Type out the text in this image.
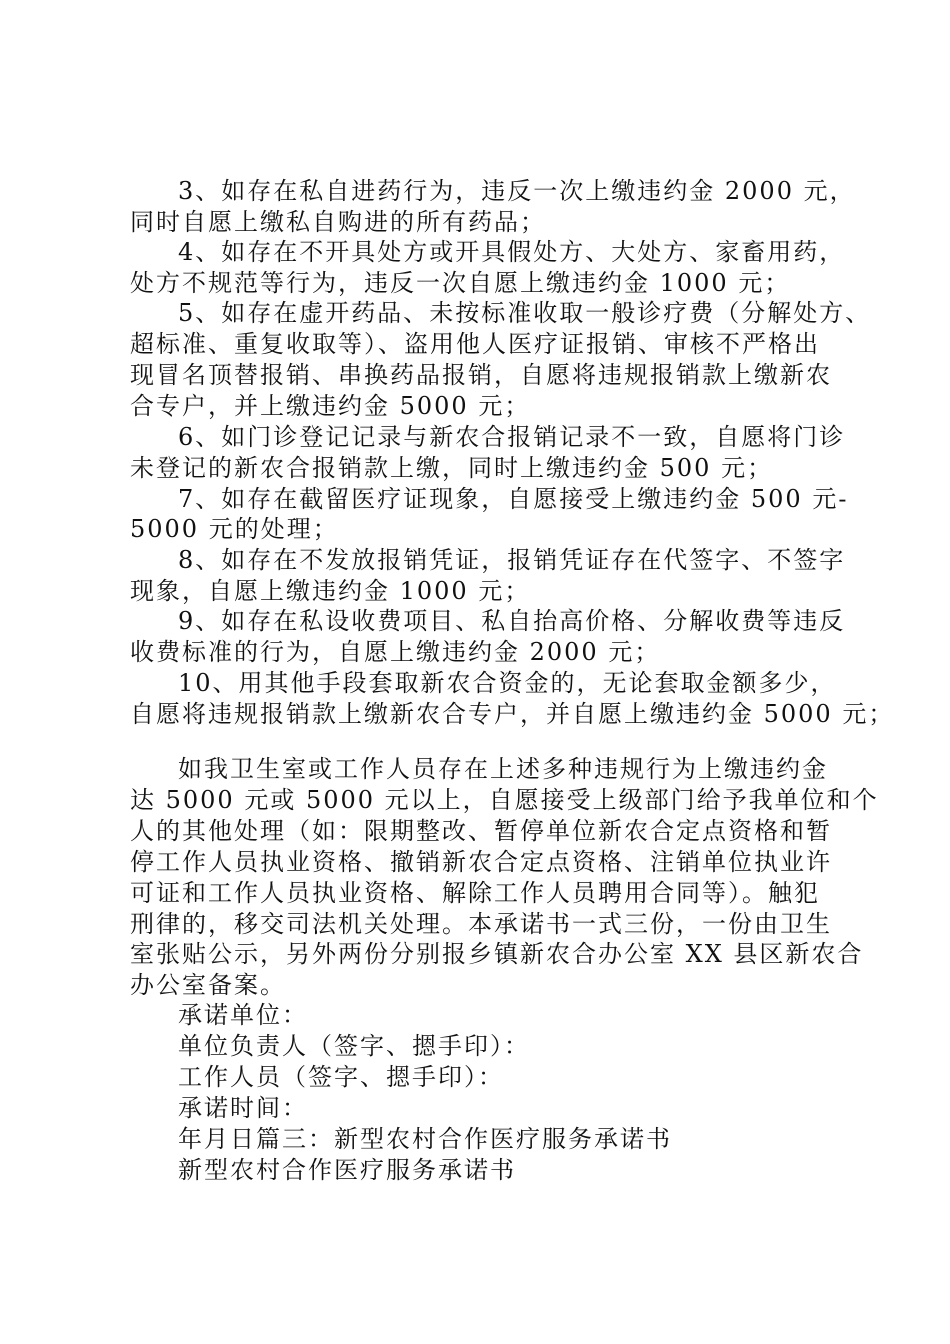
3、如存在私自进药行为，违反一次上缴违约金 2000 元，
同时自愿上缴私自购进的所有药品；
4、如存在不开具处方或开具假处方、大处方、家畜用药，
处方不规范等行为，违反一次自愿上缴违约金 1000 元；
5、如存在虚开药品、未按标准收取一般诊疗费（分解处方、
超标准、重复收取等）、盗用他人医疗证报销、审核不严格出
现冒名顶替报销、串换药品报销，自愿将违规报销款上缴新农
合专户，并上缴违约金 5000 元；
6、如门诊登记记录与新农合报销记录不一致，自愿将门诊
未登记的新农合报销款上缴，同时上缴违约金 500 元；
7、如存在截留医疗证现象，自愿接受上缴违约金 500 元-
5000 元的处理；
8、如存在不发放报销凭证，报销凭证存在代签字、不签字
现象，自愿上缴违约金 1000 元；
9、如存在私设收费项目、私自抬高价格、分解收费等违反
收费标准的行为，自愿上缴违约金 2000 元；
10、用其他手段套取新农合资金的，无论套取金额多少，
自愿将违规报销款上缴新农合专户，并自愿上缴违约金 5000 元；
如我卫生室或工作人员存在上述多种违规行为上缴违约金
达 5000 元或 5000 元以上，自愿接受上级部门给予我单位和个
人的其他处理（如：限期整改、暂停单位新农合定点资格和暂
停工作人员执业资格、撤销新农合定点资格、注销单位执业许
可证和工作人员执业资格、解除工作人员聘用合同等）。触犯
刑律的，移交司法机关处理。本承诺书一式三份，一份由卫生
室张贴公示，另外两份分别报乡镇新农合办公室 XX 县区新农合
办公室备案。
承诺单位：
单位负责人（签字、摁手印）：
工作人员（签字、摁手印）：
承诺时间：
年月日篇三：新型农村合作医疗服务承诺书
新型农村合作医疗服务承诺书
